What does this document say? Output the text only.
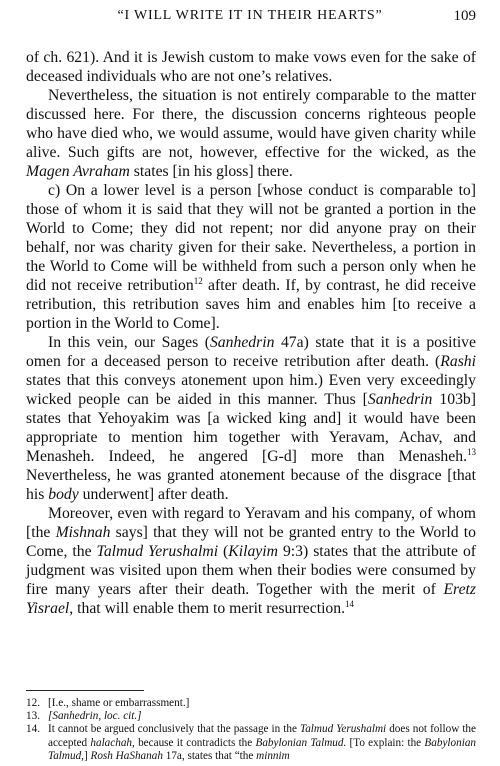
“I WILL WRITE IT IN THEIR HEARTS”	109

of ch. 621). And it is Jewish custom to make vows even for the sake of deceased individuals who are not one’s relatives.

Nevertheless, the situation is not entirely comparable to the matter discussed here. For there, the discussion concerns righteous people who have died who, we would assume, would have given charity while alive. Such gifts are not, however, effective for the wicked, as the Magen Avraham states [in his gloss] there.

c) On a lower level is a person [whose conduct is comparable to] those of whom it is said that they will not be granted a portion in the World to Come; they did not repent; nor did anyone pray on their behalf, nor was charity given for their sake. Nevertheless, a portion in the World to Come will be withheld from such a person only when he did not receive retribution$^{12}$ after death. If, by contrast, he did receive retribution, this retribution saves him and enables him [to receive a portion in the World to Come].

In this vein, our Sages (Sanhedrin 47a) state that it is a positive omen for a deceased person to receive retribution after death. (Rashi states that this conveys atonement upon him.) Even very exceedingly wicked people can be aided in this manner. Thus [Sanhedrin 103b] states that Yehoyakim was [a wicked king and] it would have been appropriate to mention him together with Yeravam, Achav, and Menasheh. Indeed, he angered [G-d] more than Menasheh.$^{13}$ Nevertheless, he was granted atonement because of the disgrace [that his body underwent] after death.

Moreover, even with regard to Yeravam and his company, of whom [the Mishnah says] that they will not be granted entry to the World to Come, the Talmud Yerushalmi (Kilayim 9:3) states that the attribute of judgment was visited upon them when their bodies were consumed by fire many years after their death. Together with the merit of Eretz Yisrael, that will enable them to merit resurrection.$^{14}$

12. [I.e., shame or embarrassment.]
13. [Sanhedrin, loc. cit.]
14. It cannot be argued conclusively that the passage in the Talmud Yerushalmi does not follow the accepted halachah, because it contradicts the Babylonian Talmud. [To explain: the Babylonian Talmud,] Rosh HaShanah 17a, states that “the minnim
